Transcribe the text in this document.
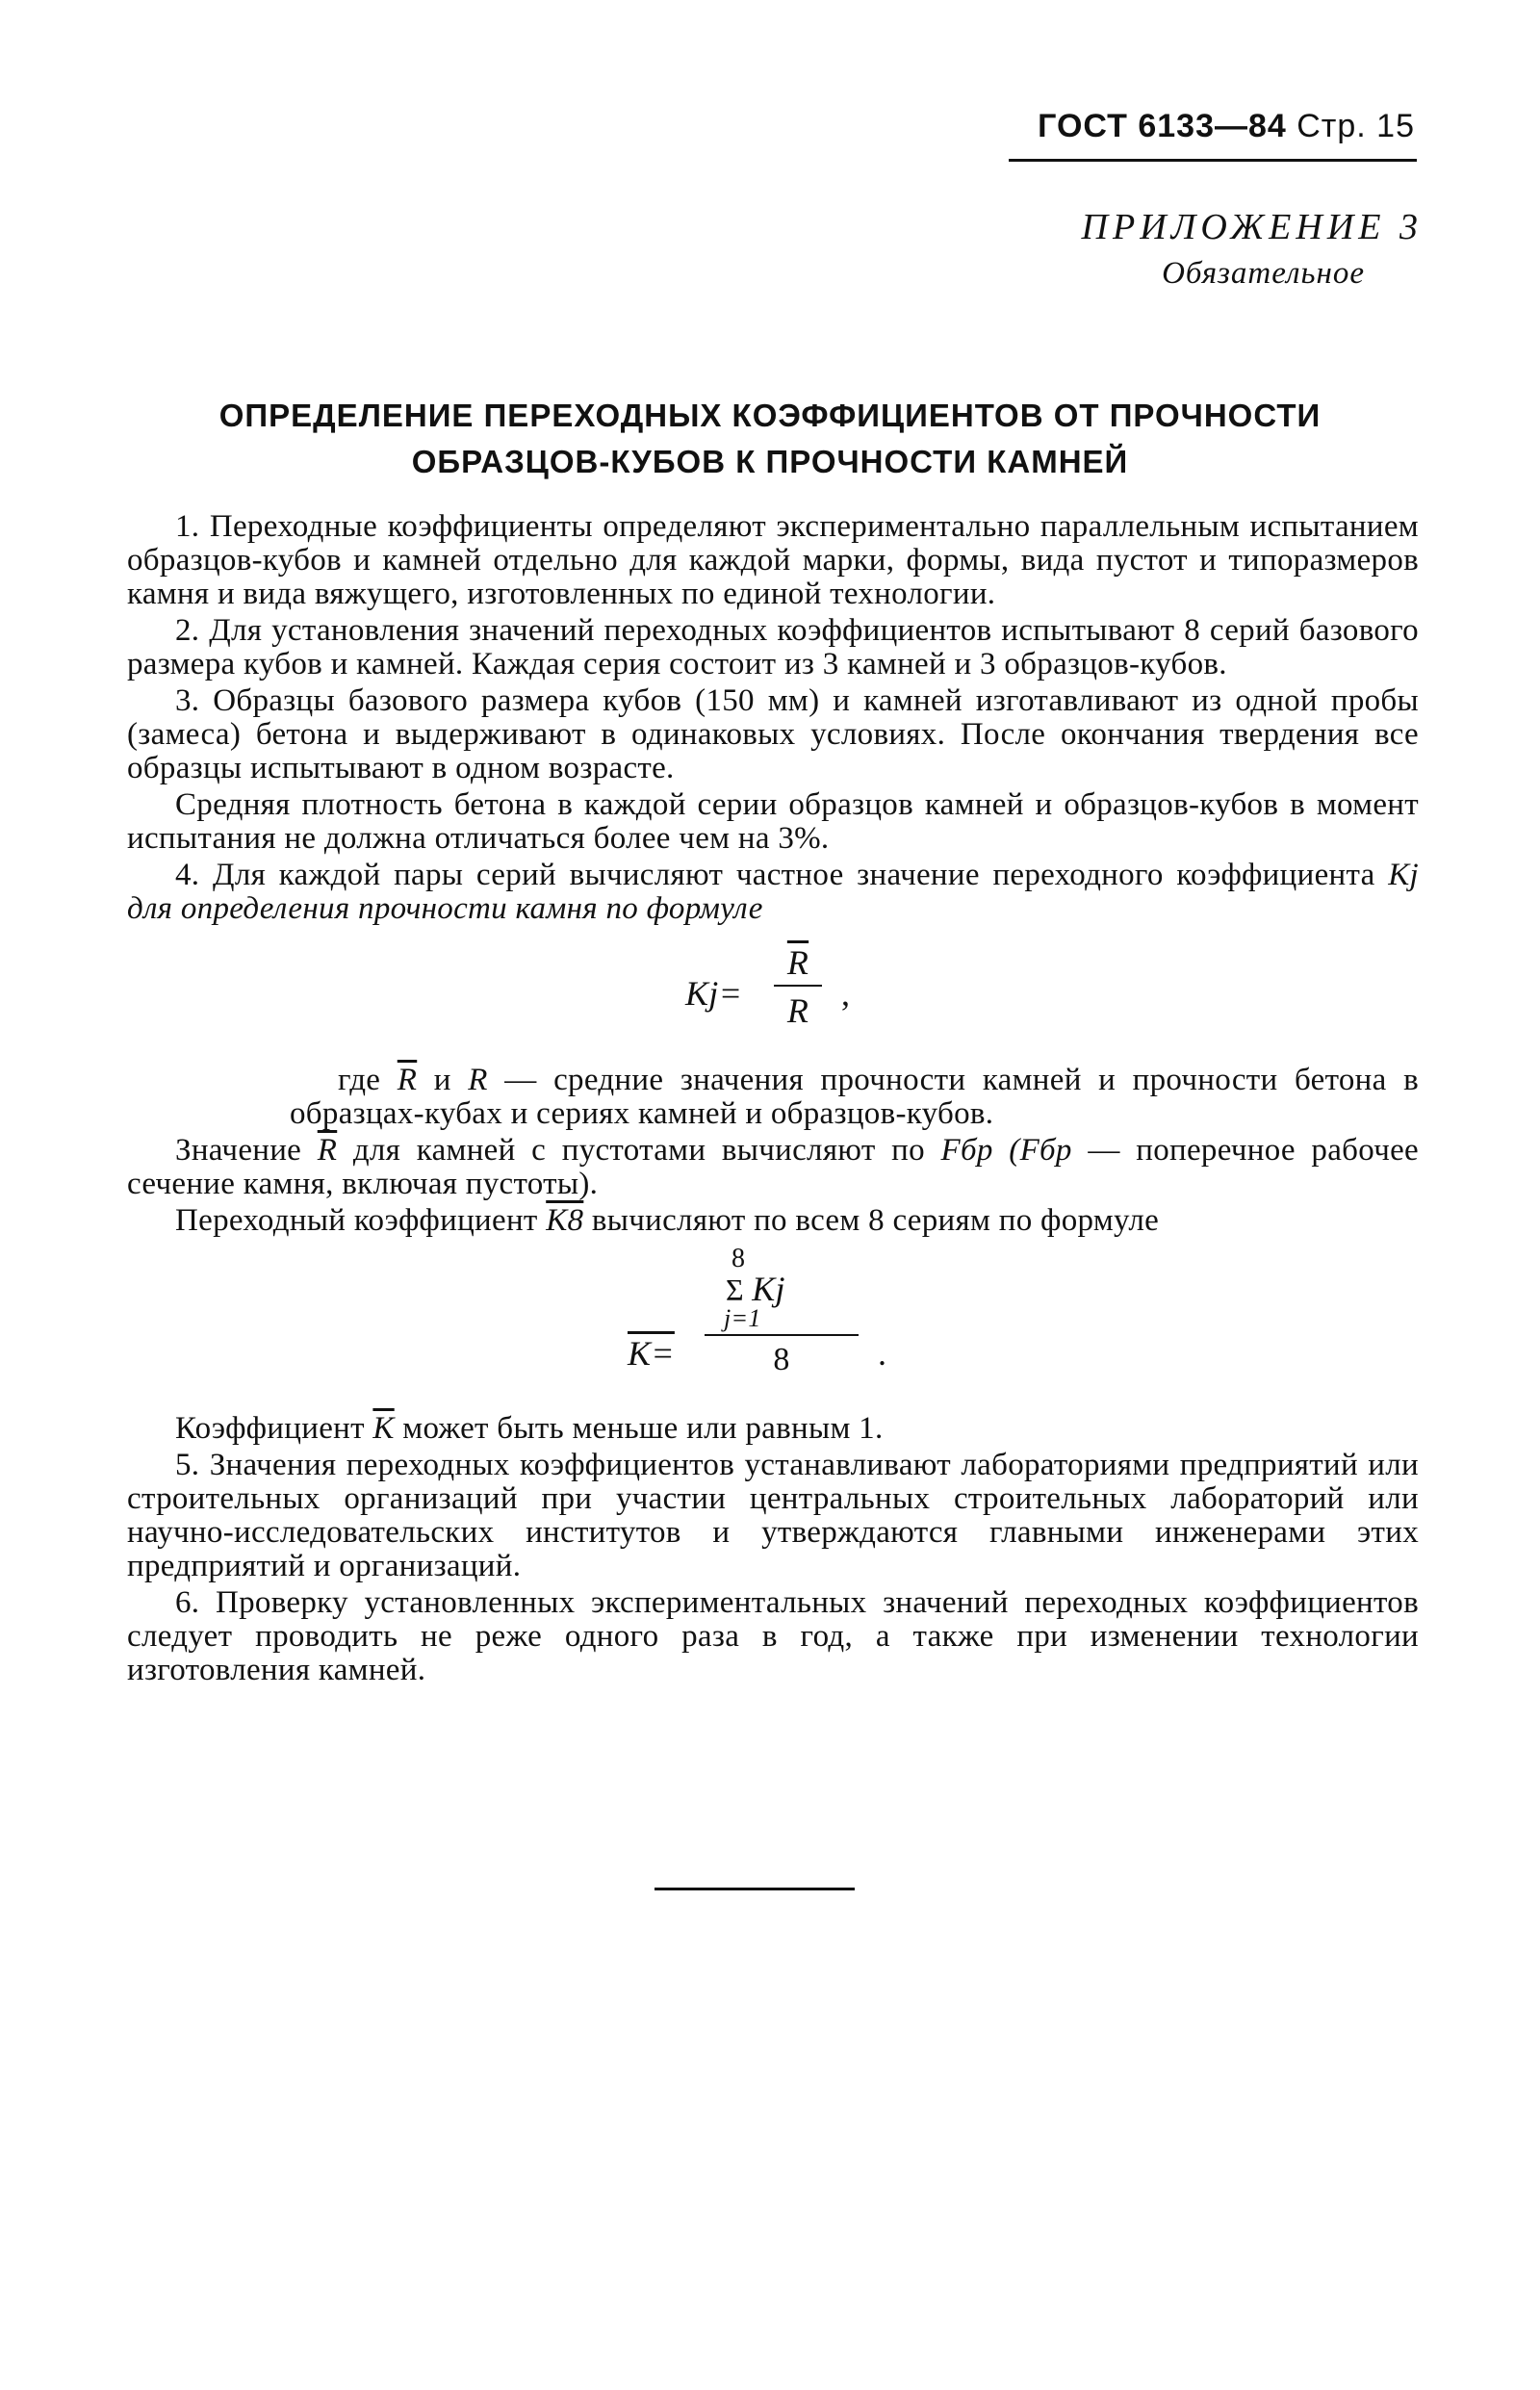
ГОСТ 6133—84 Стр. 15
ПРИЛОЖЕНИЕ 3
Обязательное
ОПРЕДЕЛЕНИЕ ПЕРЕХОДНЫХ КОЭФФИЦИЕНТОВ ОТ ПРОЧНОСТИ
ОБРАЗЦОВ-КУБОВ К ПРОЧНОСТИ КАМНЕЙ

1. Переходные коэффициенты определяют экспериментально параллельным испытанием образцов-кубов и камней отдельно для каждой марки, формы, вида пустот и типоразмеров камня и вида вяжущего, изготовленных по единой технологии.

2. Для установления значений переходных коэффициентов испытывают 8 серий базового размера кубов и камней. Каждая серия состоит из 3 камней и 3 образцов-кубов.

3. Образцы базового размера кубов (150 мм) и камней изготавливают из одной пробы (замеса) бетона и выдерживают в одинаковых условиях. После окончания твердения все образцы испытывают в одном возрасте.

Средняя плотность бетона в каждой серии образцов камней и образцов-кубов в момент испытания не должна отличаться более чем на 3%.

4. Для каждой пары серий вычисляют частное значение переходного коэффициента Kj для определения прочности камня по формуле

Kj=
$\overline{R}$
R ,

где $\overline{R}$ и R — средние значения прочности камней и прочности бетона в образцах-кубах и сериях камней и образцов-кубов.

Значение $\overline{R}$ для камней с пустотами вычисляют по Fбр (Fбр — поперечное рабочее сечение камня, включая пустоты).

Переходный коэффициент K8 вычисляют по всем 8 сериям по формуле

K=
8
Σ Kj
j=1
8	.

Коэффициент $\overline{K}$ может быть меньше или равным 1.

5. Значения переходных коэффициентов устанавливают лабораториями предприятий или строительных организаций при участии центральных строительных лабораторий или научно-исследовательских институтов и утверждаются главными инженерами этих предприятий и организаций.

6. Проверку установленных экспериментальных значений переходных коэффициентов следует проводить не реже одного раза в год, а также при изменении технологии изготовления камней.
